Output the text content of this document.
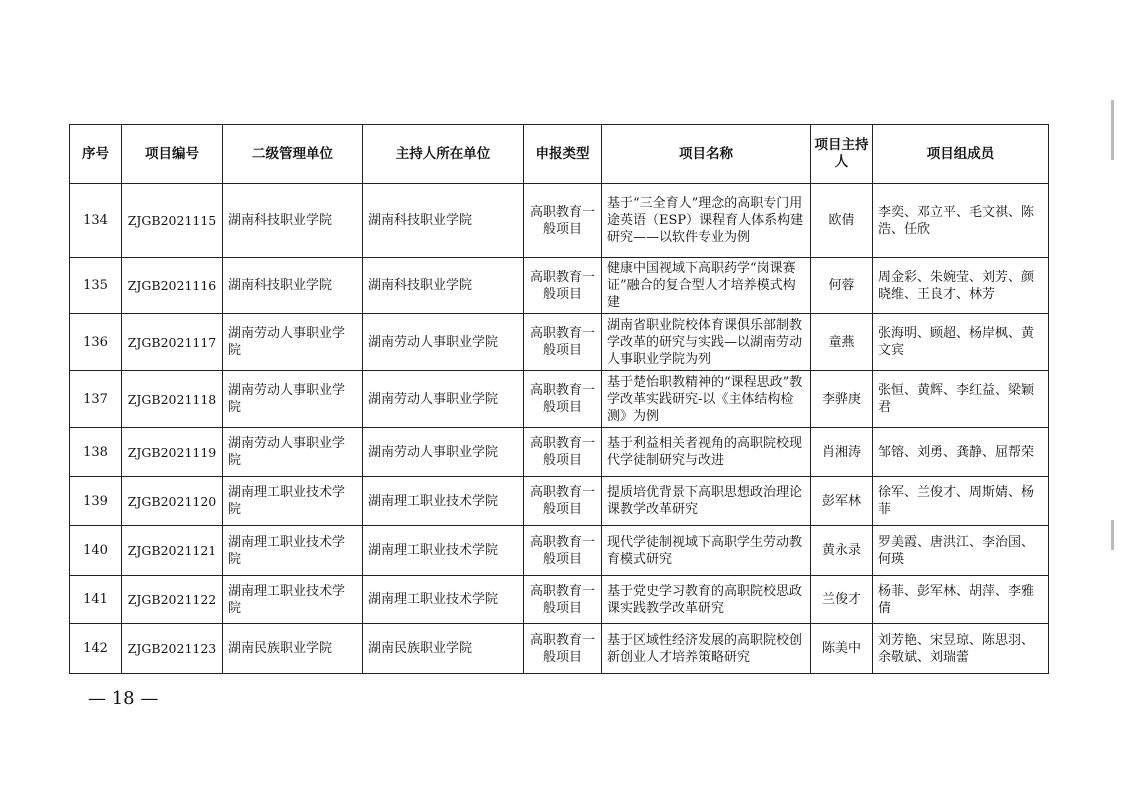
序号	项目编号	二级管理单位	主持人所在单位	申报类型	项目名称	项目主持人	项目组成员
134	ZJGB2021115	湖南科技职业学院	湖南科技职业学院	高职教育一般项目	基于“三全育人”理念的高职专门用途英语（ESP）课程育人体系构建研究——以软件专业为例	欧倩	李奕、邓立平、毛文祺、陈浩、任欣
135	ZJGB2021116	湖南科技职业学院	湖南科技职业学院	高职教育一般项目	健康中国视域下高职药学“岗课赛证”融合的复合型人才培养模式构建	何蓉	周金彩、朱婉莹、刘芳、颜晓维、王良才、林芳
136	ZJGB2021117	湖南劳动人事职业学院	湖南劳动人事职业学院	高职教育一般项目	湖南省职业院校体育课俱乐部制教学改革的研究与实践—以湖南劳动人事职业学院为列	童燕	张海明、顾超、杨岸枫、黄文宾
137	ZJGB2021118	湖南劳动人事职业学院	湖南劳动人事职业学院	高职教育一般项目	基于楚怡职教精神的“课程思政”教学改革实践研究-以《主体结构检测》为例	李骅庚	张恒、黄辉、李红益、梁颖君
138	ZJGB2021119	湖南劳动人事职业学院	湖南劳动人事职业学院	高职教育一般项目	基于利益相关者视角的高职院校现代学徒制研究与改进	肖湘涛	邹镕、刘勇、龚静、屈帮荣
139	ZJGB2021120	湖南理工职业技术学院	湖南理工职业技术学院	高职教育一般项目	提质培优背景下高职思想政治理论课教学改革研究	彭军林	徐军、兰俊才、周斯婧、杨菲
140	ZJGB2021121	湖南理工职业技术学院	湖南理工职业技术学院	高职教育一般项目	现代学徒制视域下高职学生劳动教育模式研究	黄永录	罗美霞、唐洪江、李治国、何瑛
141	ZJGB2021122	湖南理工职业技术学院	湖南理工职业技术学院	高职教育一般项目	基于党史学习教育的高职院校思政课实践教学改革研究	兰俊才	杨菲、彭军林、胡萍、李雅倩
142	ZJGB2021123	湖南民族职业学院	湖南民族职业学院	高职教育一般项目	基于区域性经济发展的高职院校创新创业人才培养策略研究	陈美中	刘芳艳、宋昱琼、陈思羽、余敬斌、刘瑞蕾
— 18 —
